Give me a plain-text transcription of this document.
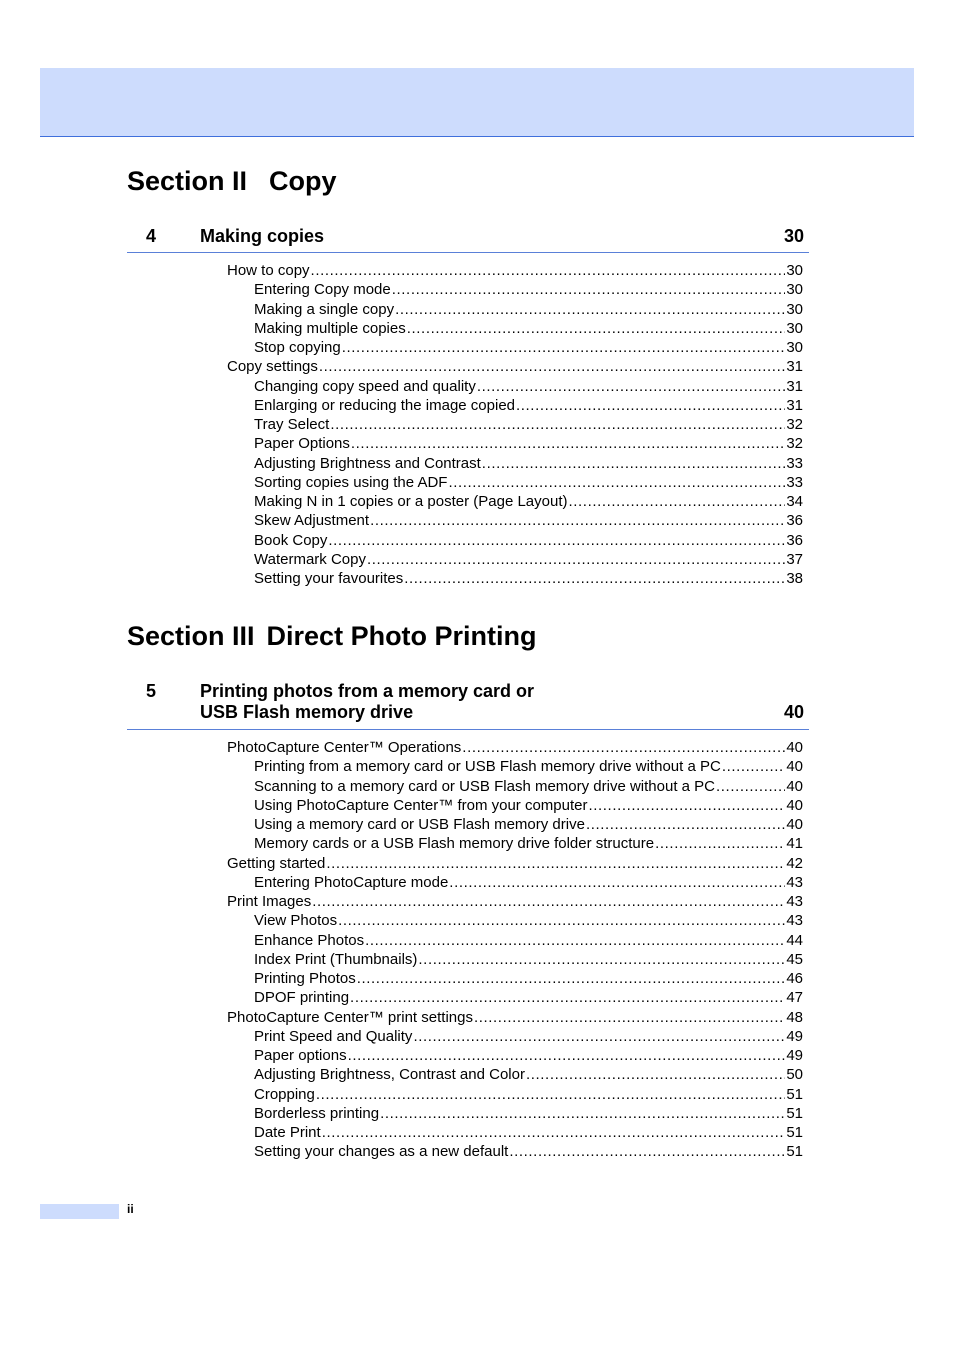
Section II Copy
4 Making copies	30
How to copy .....	30
Entering Copy mode .....	30
Making a single copy .....	30
Making multiple copies .....	30
Stop copying .....	30
Copy settings .....	31
Changing copy speed and quality .....	31
Enlarging or reducing the image copied .....	31
Tray Select .....	32
Paper Options .....	32
Adjusting Brightness and Contrast .....	33
Sorting copies using the ADF .....	33
Making N in 1 copies or a poster (Page Layout) .....	34
Skew Adjustment .....	36
Book Copy .....	36
Watermark Copy .....	37
Setting your favourites .....	38
Section III Direct Photo Printing
5 Printing photos from a memory card or
USB Flash memory drive	40
PhotoCapture Center™ Operations .....	40
Printing from a memory card or USB Flash memory drive without a PC .....	40
Scanning to a memory card or USB Flash memory drive without a PC .....	40
Using PhotoCapture Center™ from your computer .....	40
Using a memory card or USB Flash memory drive .....	40
Memory cards or a USB Flash memory drive folder structure .....	41
Getting started .....	42
Entering PhotoCapture mode .....	43
Print Images .....	43
View Photos .....	43
Enhance Photos .....	44
Index Print (Thumbnails) .....	45
Printing Photos .....	46
DPOF printing .....	47
PhotoCapture Center™ print settings .....	48
Print Speed and Quality .....	49
Paper options .....	49
Adjusting Brightness, Contrast and Color .....	50
Cropping .....	51
Borderless printing .....	51
Date Print .....	51
Setting your changes as a new default .....	51
ii
